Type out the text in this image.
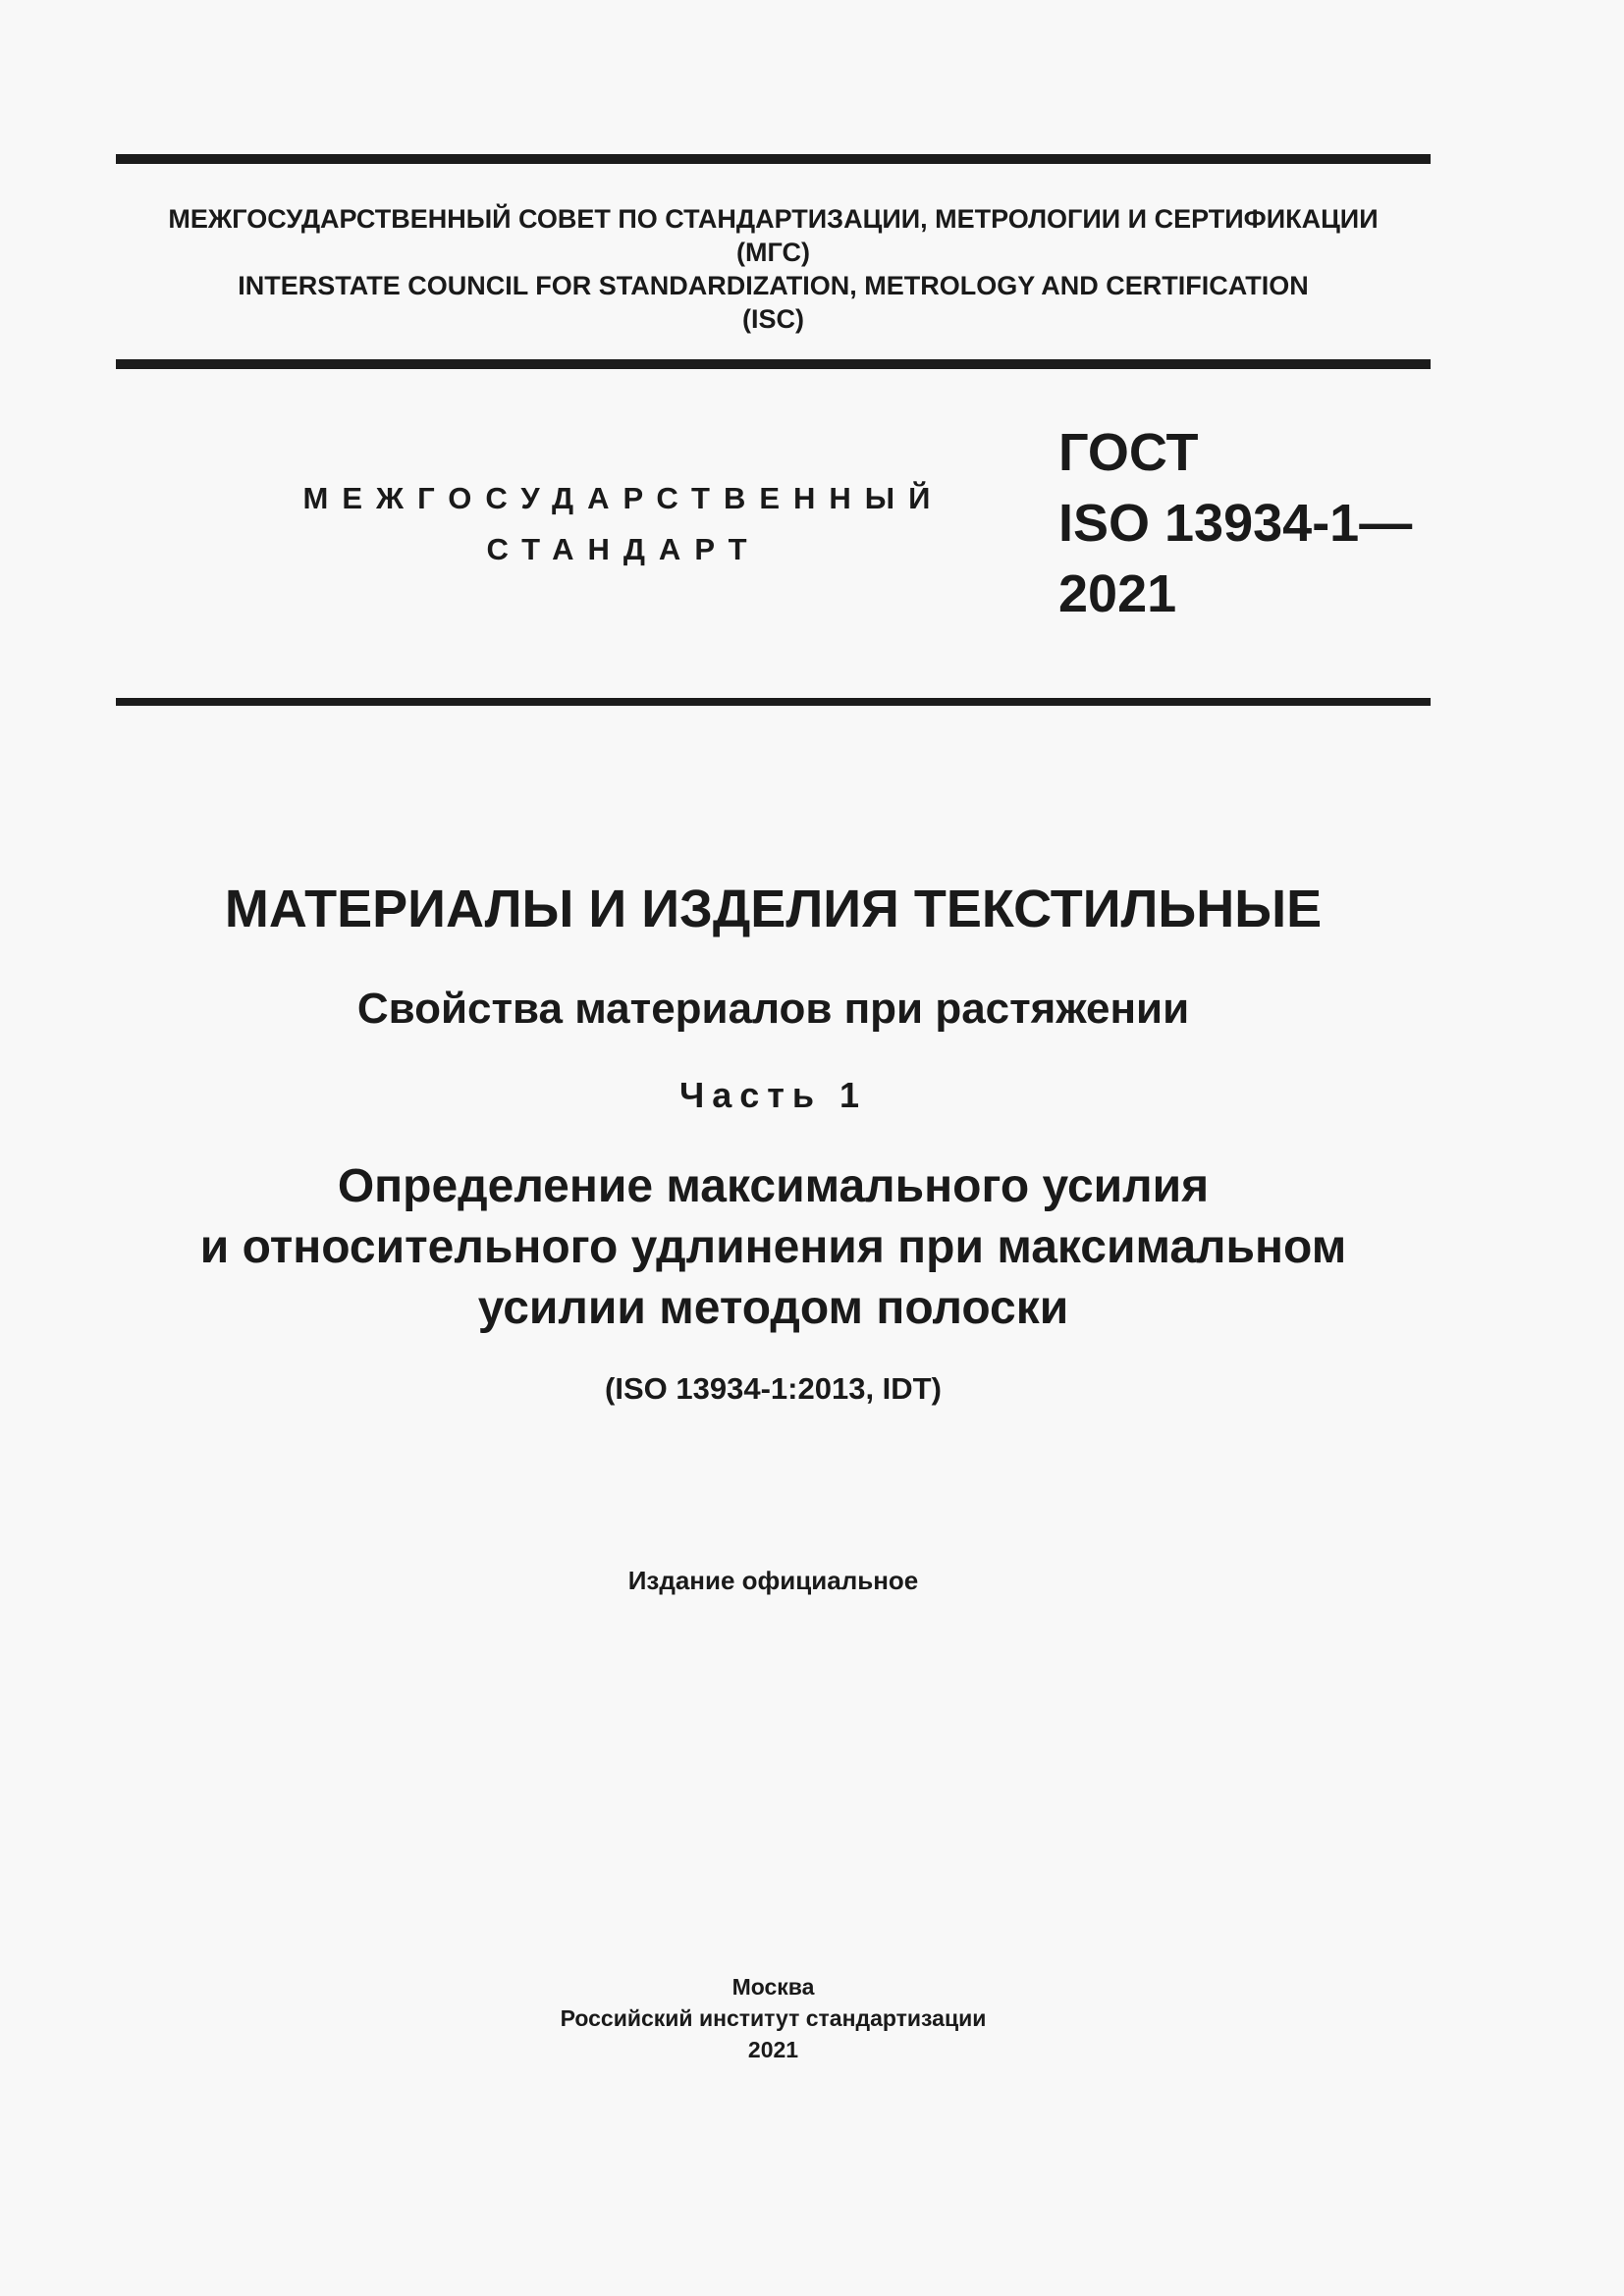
МЕЖГОСУДАРСТВЕННЫЙ СОВЕТ ПО СТАНДАРТИЗАЦИИ, МЕТРОЛОГИИ И СЕРТИФИКАЦИИ
(МГС)
INTERSTATE COUNCIL FOR STANDARDIZATION, METROLOGY AND CERTIFICATION
(ISC)
МЕЖГОСУДАРСТВЕННЫЙ
СТАНДАРТ
ГОСТ
ISO 13934-1—
2021
МАТЕРИАЛЫ И ИЗДЕЛИЯ ТЕКСТИЛЬНЫЕ
Свойства материалов при растяжении
Часть 1
Определение максимального усилия
и относительного удлинения при максимальном
усилии методом полоски
(ISO 13934-1:2013, IDT)
Издание официальное
Москва
Российский институт стандартизации
2021
